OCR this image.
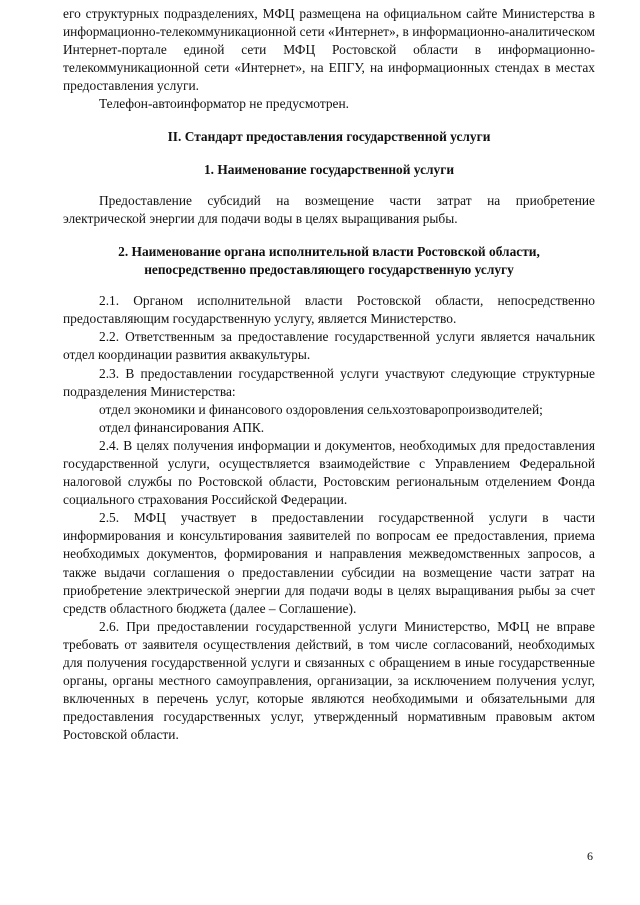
его структурных подразделениях, МФЦ размещена на официальном сайте Министерства в информационно-телекоммуникационной сети «Интернет», в информационно-аналитическом Интернет-портале единой сети МФЦ Ростовской области в информационно-телекоммуникационной сети «Интернет», на ЕПГУ, на информационных стендах в местах предоставления услуги.

Телефон-автоинформатор не предусмотрен.

II. Стандарт предоставления государственной услуги

1. Наименование государственной услуги

Предоставление субсидий на возмещение части затрат на приобретение электрической энергии для подачи воды в целях выращивания рыбы.

2. Наименование органа исполнительной власти Ростовской области,
непосредственно предоставляющего государственную услугу

2.1. Органом исполнительной власти Ростовской области, непосредственно предоставляющим государственную услугу, является Министерство.

2.2. Ответственным за предоставление государственной услуги является начальник отдел координации развития аквакультуры.

2.3. В предоставлении государственной услуги участвуют следующие структурные подразделения Министерства:

отдел экономики и финансового оздоровления сельхозтоваропроизводителей;

отдел финансирования АПК.

2.4. В целях получения информации и документов, необходимых для предоставления государственной услуги, осуществляется взаимодействие с Управлением Федеральной налоговой службы по Ростовской области, Ростовским региональным отделением Фонда социального страхования Российской Федерации.

2.5. МФЦ участвует в предоставлении государственной услуги в части информирования и консультирования заявителей по вопросам ее предоставления, приема необходимых документов, формирования и направления межведомственных запросов, а также выдачи соглашения о предоставлении субсидии на возмещение части затрат на приобретение электрической энергии для подачи воды в целях выращивания рыбы за счет средств областного бюджета (далее – Соглашение).

2.6. При предоставлении государственной услуги Министерство, МФЦ не вправе требовать от заявителя осуществления действий, в том числе согласований, необходимых для получения государственной услуги и связанных с обращением в иные государственные органы, органы местного самоуправления, организации, за исключением получения услуг, включенных в перечень услуг, которые являются необходимыми и обязательными для предоставления государственных услуг, утвержденный нормативным правовым актом Ростовской области.

6
